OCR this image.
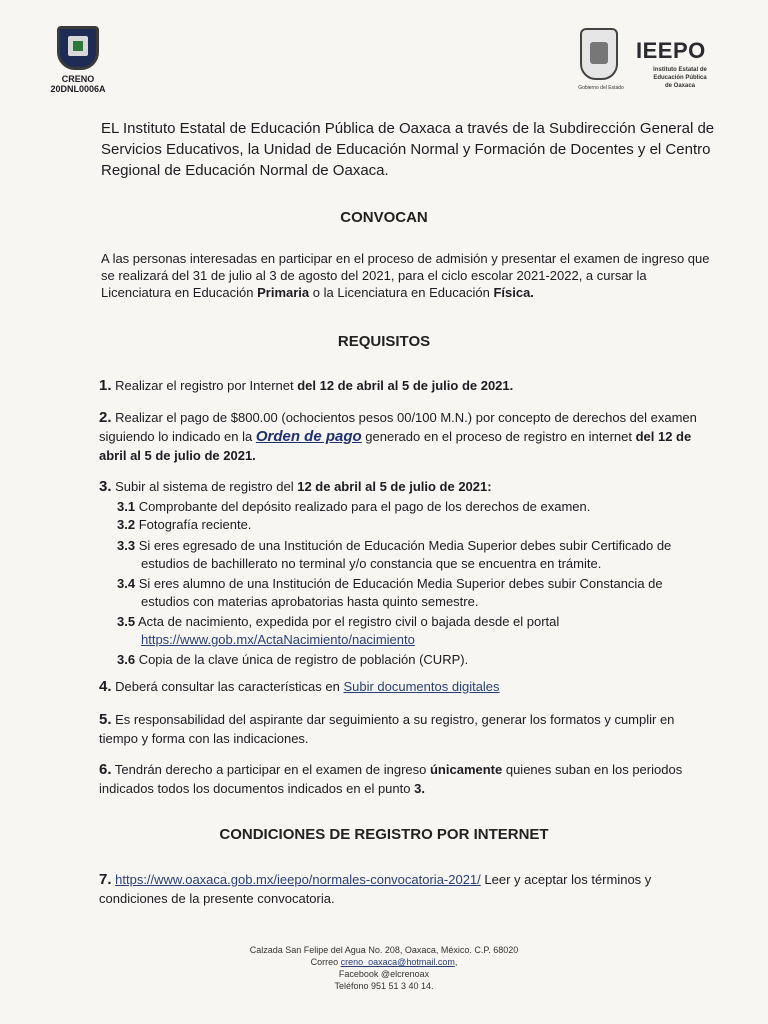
CRENO
20DNL0006A	Gobierno del Estado
IEEPO
Instituto Estatal de
Educación Pública
de Oaxaca
EL Instituto Estatal de Educación Pública de Oaxaca a través de la Subdirección General de Servicios Educativos, la Unidad de Educación Normal y Formación de Docentes y el Centro Regional de Educación Normal de Oaxaca.
CONVOCAN
A las personas interesadas en participar en el proceso de admisión y presentar el examen de ingreso que se realizará del 31 de julio al 3 de agosto del 2021, para el ciclo escolar 2021-2022, a cursar la Licenciatura en Educación Primaria o la Licenciatura en Educación Física.
REQUISITOS
1. Realizar el registro por Internet del 12 de abril al 5 de julio de 2021.
2. Realizar el pago de $800.00 (ochocientos pesos 00/100 M.N.) por concepto de derechos del examen siguiendo lo indicado en la Orden de pago generado en el proceso de registro en internet del 12 de abril al 5 de julio de 2021.
3. Subir al sistema de registro del 12 de abril al 5 de julio de 2021:
3.1 Comprobante del depósito realizado para el pago de los derechos de examen.
3.2 Fotografía reciente.
3.3 Si eres egresado de una Institución de Educación Media Superior debes subir Certificado de
estudios de bachillerato no terminal y/o constancia que se encuentra en trámite.
3.4 Si eres alumno de una Institución de Educación Media Superior debes subir Constancia de
estudios con materias aprobatorias hasta quinto semestre.
3.5 Acta de nacimiento, expedida por el registro civil o bajada desde el portal
https://www.gob.mx/ActaNacimiento/nacimiento
3.6 Copia de la clave única de registro de población (CURP).
4. Deberá consultar las características en Subir documentos digitales
5. Es responsabilidad del aspirante dar seguimiento a su registro, generar los formatos y cumplir en tiempo y forma con las indicaciones.
6. Tendrán derecho a participar en el examen de ingreso únicamente quienes suban en los periodos indicados todos los documentos indicados en el punto 3.
CONDICIONES DE REGISTRO POR INTERNET
7. https://www.oaxaca.gob.mx/ieepo/normales-convocatoria-2021/ Leer y aceptar los términos y condiciones de la presente convocatoria.
Calzada San Felipe del Agua No. 208, Oaxaca, México. C.P. 68020
Correo creno_oaxaca@hotmail.com,
Facebook @elcrenoax
Teléfono 951 51 3 40 14.
